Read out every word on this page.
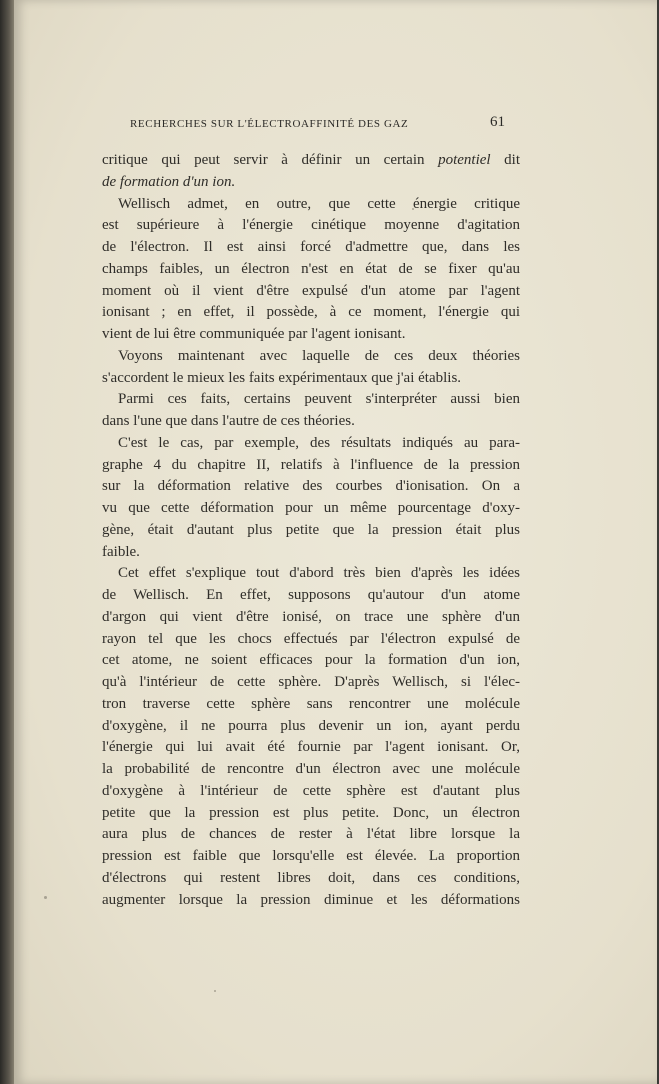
RECHERCHES SUR L'ÉLECTROAFFINITÉ DES GAZ	61
critique qui peut servir à définir un certain potentiel dit
de formation d'un ion.
Wellisch admet, en outre, que cette énergie critique
est supérieure à l'énergie cinétique moyenne d'agitation
de l'électron. Il est ainsi forcé d'admettre que, dans les
champs faibles, un électron n'est en état de se fixer qu'au
moment où il vient d'être expulsé d'un atome par l'agent
ionisant ; en effet, il possède, à ce moment, l'énergie qui
vient de lui être communiquée par l'agent ionisant.
Voyons maintenant avec laquelle de ces deux théories
s'accordent le mieux les faits expérimentaux que j'ai établis.
Parmi ces faits, certains peuvent s'interpréter aussi bien
dans l'une que dans l'autre de ces théories.
C'est le cas, par exemple, des résultats indiqués au para-
graphe 4 du chapitre II, relatifs à l'influence de la pression
sur la déformation relative des courbes d'ionisation. On a
vu que cette déformation pour un même pourcentage d'oxy-
gène, était d'autant plus petite que la pression était plus
faible.
Cet effet s'explique tout d'abord très bien d'après les idées
de Wellisch. En effet, supposons qu'autour d'un atome
d'argon qui vient d'être ionisé, on trace une sphère d'un
rayon tel que les chocs effectués par l'électron expulsé de
cet atome, ne soient efficaces pour la formation d'un ion,
qu'à l'intérieur de cette sphère. D'après Wellisch, si l'élec-
tron traverse cette sphère sans rencontrer une molécule
d'oxygène, il ne pourra plus devenir un ion, ayant perdu
l'énergie qui lui avait été fournie par l'agent ionisant. Or,
la probabilité de rencontre d'un électron avec une molécule
d'oxygène à l'intérieur de cette sphère est d'autant plus
petite que la pression est plus petite. Donc, un électron
aura plus de chances de rester à l'état libre lorsque la
pression est faible que lorsqu'elle est élevée. La proportion
d'électrons qui restent libres doit, dans ces conditions,
augmenter lorsque la pression diminue et les déformations
